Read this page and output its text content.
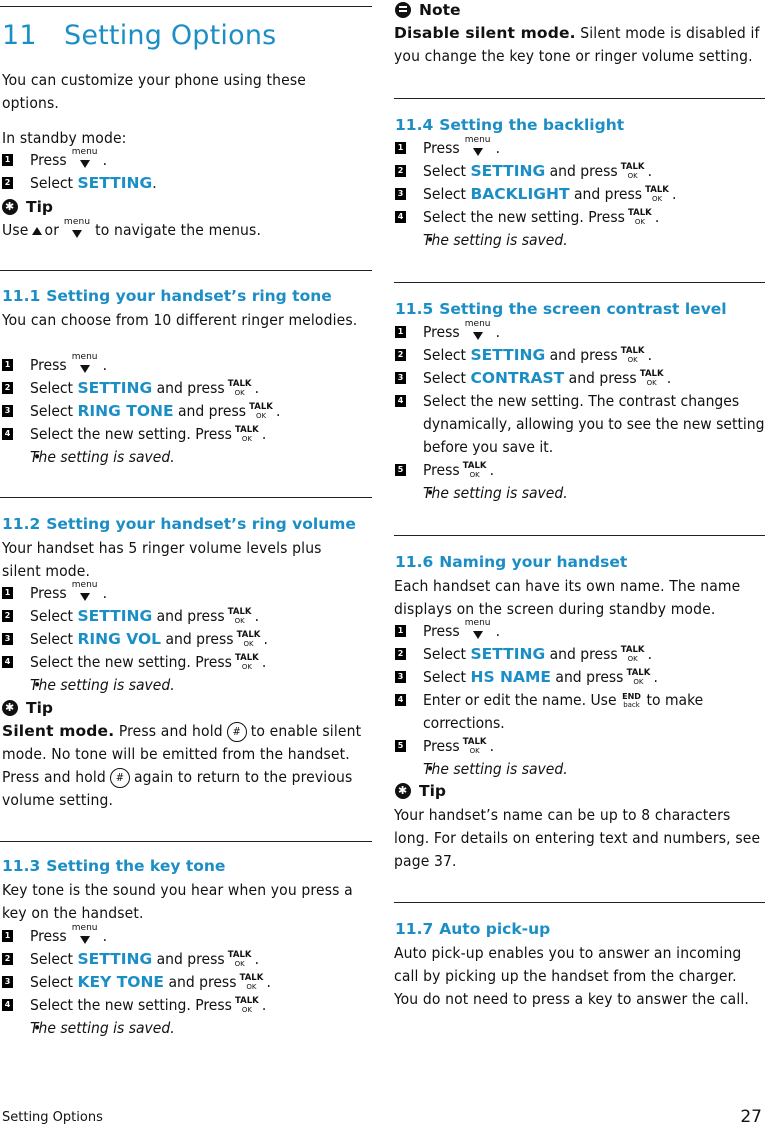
11 Setting Options

You can customize your phone using these options.

In standby mode:

1 Press menu .
2 Select SETTING.
✱
Tip

Use or menu to navigate the menus.

11.1 Setting your handset’s ring tone

You can choose from 10 different ringer melodies.

1 Press menu .
2 Select SETTING and press TALK
OK .
3 Select RING TONE and press TALK
OK .
4 Select the new setting. Press TALK
OK .
• The setting is saved.
11.2 Setting your handset’s ring volume

Your handset has 5 ringer volume levels plus silent mode.

1 Press menu .
2 Select SETTING and press TALK
OK .
3 Select RING VOL and press TALK
OK .
4 Select the new setting. Press TALK
OK .
• The setting is saved.
✱
Tip

Silent mode. Press and hold # to enable silent mode. No tone will be emitted from the handset. Press and hold # again to return to the previous volume setting.

11.3 Setting the key tone

Key tone is the sound you hear when you press a key on the handset.

1 Press menu .
2 Select SETTING and press TALK
OK .
3 Select KEY TONE and press TALK
OK .
4 Select the new setting. Press TALK
OK .
• The setting is saved.
Note

Disable silent mode. Silent mode is disabled if you change the key tone or ringer volume setting.

11.4 Setting the backlight
1 Press menu .
2 Select SETTING and press TALK
OK .
3 Select BACKLIGHT and press TALK
OK .
4 Select the new setting. Press TALK
OK .
• The setting is saved.
11.5 Setting the screen contrast level
1 Press menu .
2 Select SETTING and press TALK
OK .
3 Select CONTRAST and press TALK
OK .
4 Select the new setting. The contrast changes dynamically, allowing you to see the new setting before you save it.
5 Press TALK
OK .
• The setting is saved.
11.6 Naming your handset

Each handset can have its own name. The name displays on the screen during standby mode.

1 Press menu .
2 Select SETTING and press TALK
OK .
3 Select HS NAME and press TALK
OK .
4 Enter or edit the name. Use END
back to make corrections.
5 Press TALK
OK .
• The setting is saved.
✱
Tip

Your handset’s name can be up to 8 characters long. For details on entering text and numbers, see page 37.

11.7 Auto pick-up

Auto pick-up enables you to answer an incoming call by picking up the handset from the charger. You do not need to press a key to answer the call.

Setting Options	27
